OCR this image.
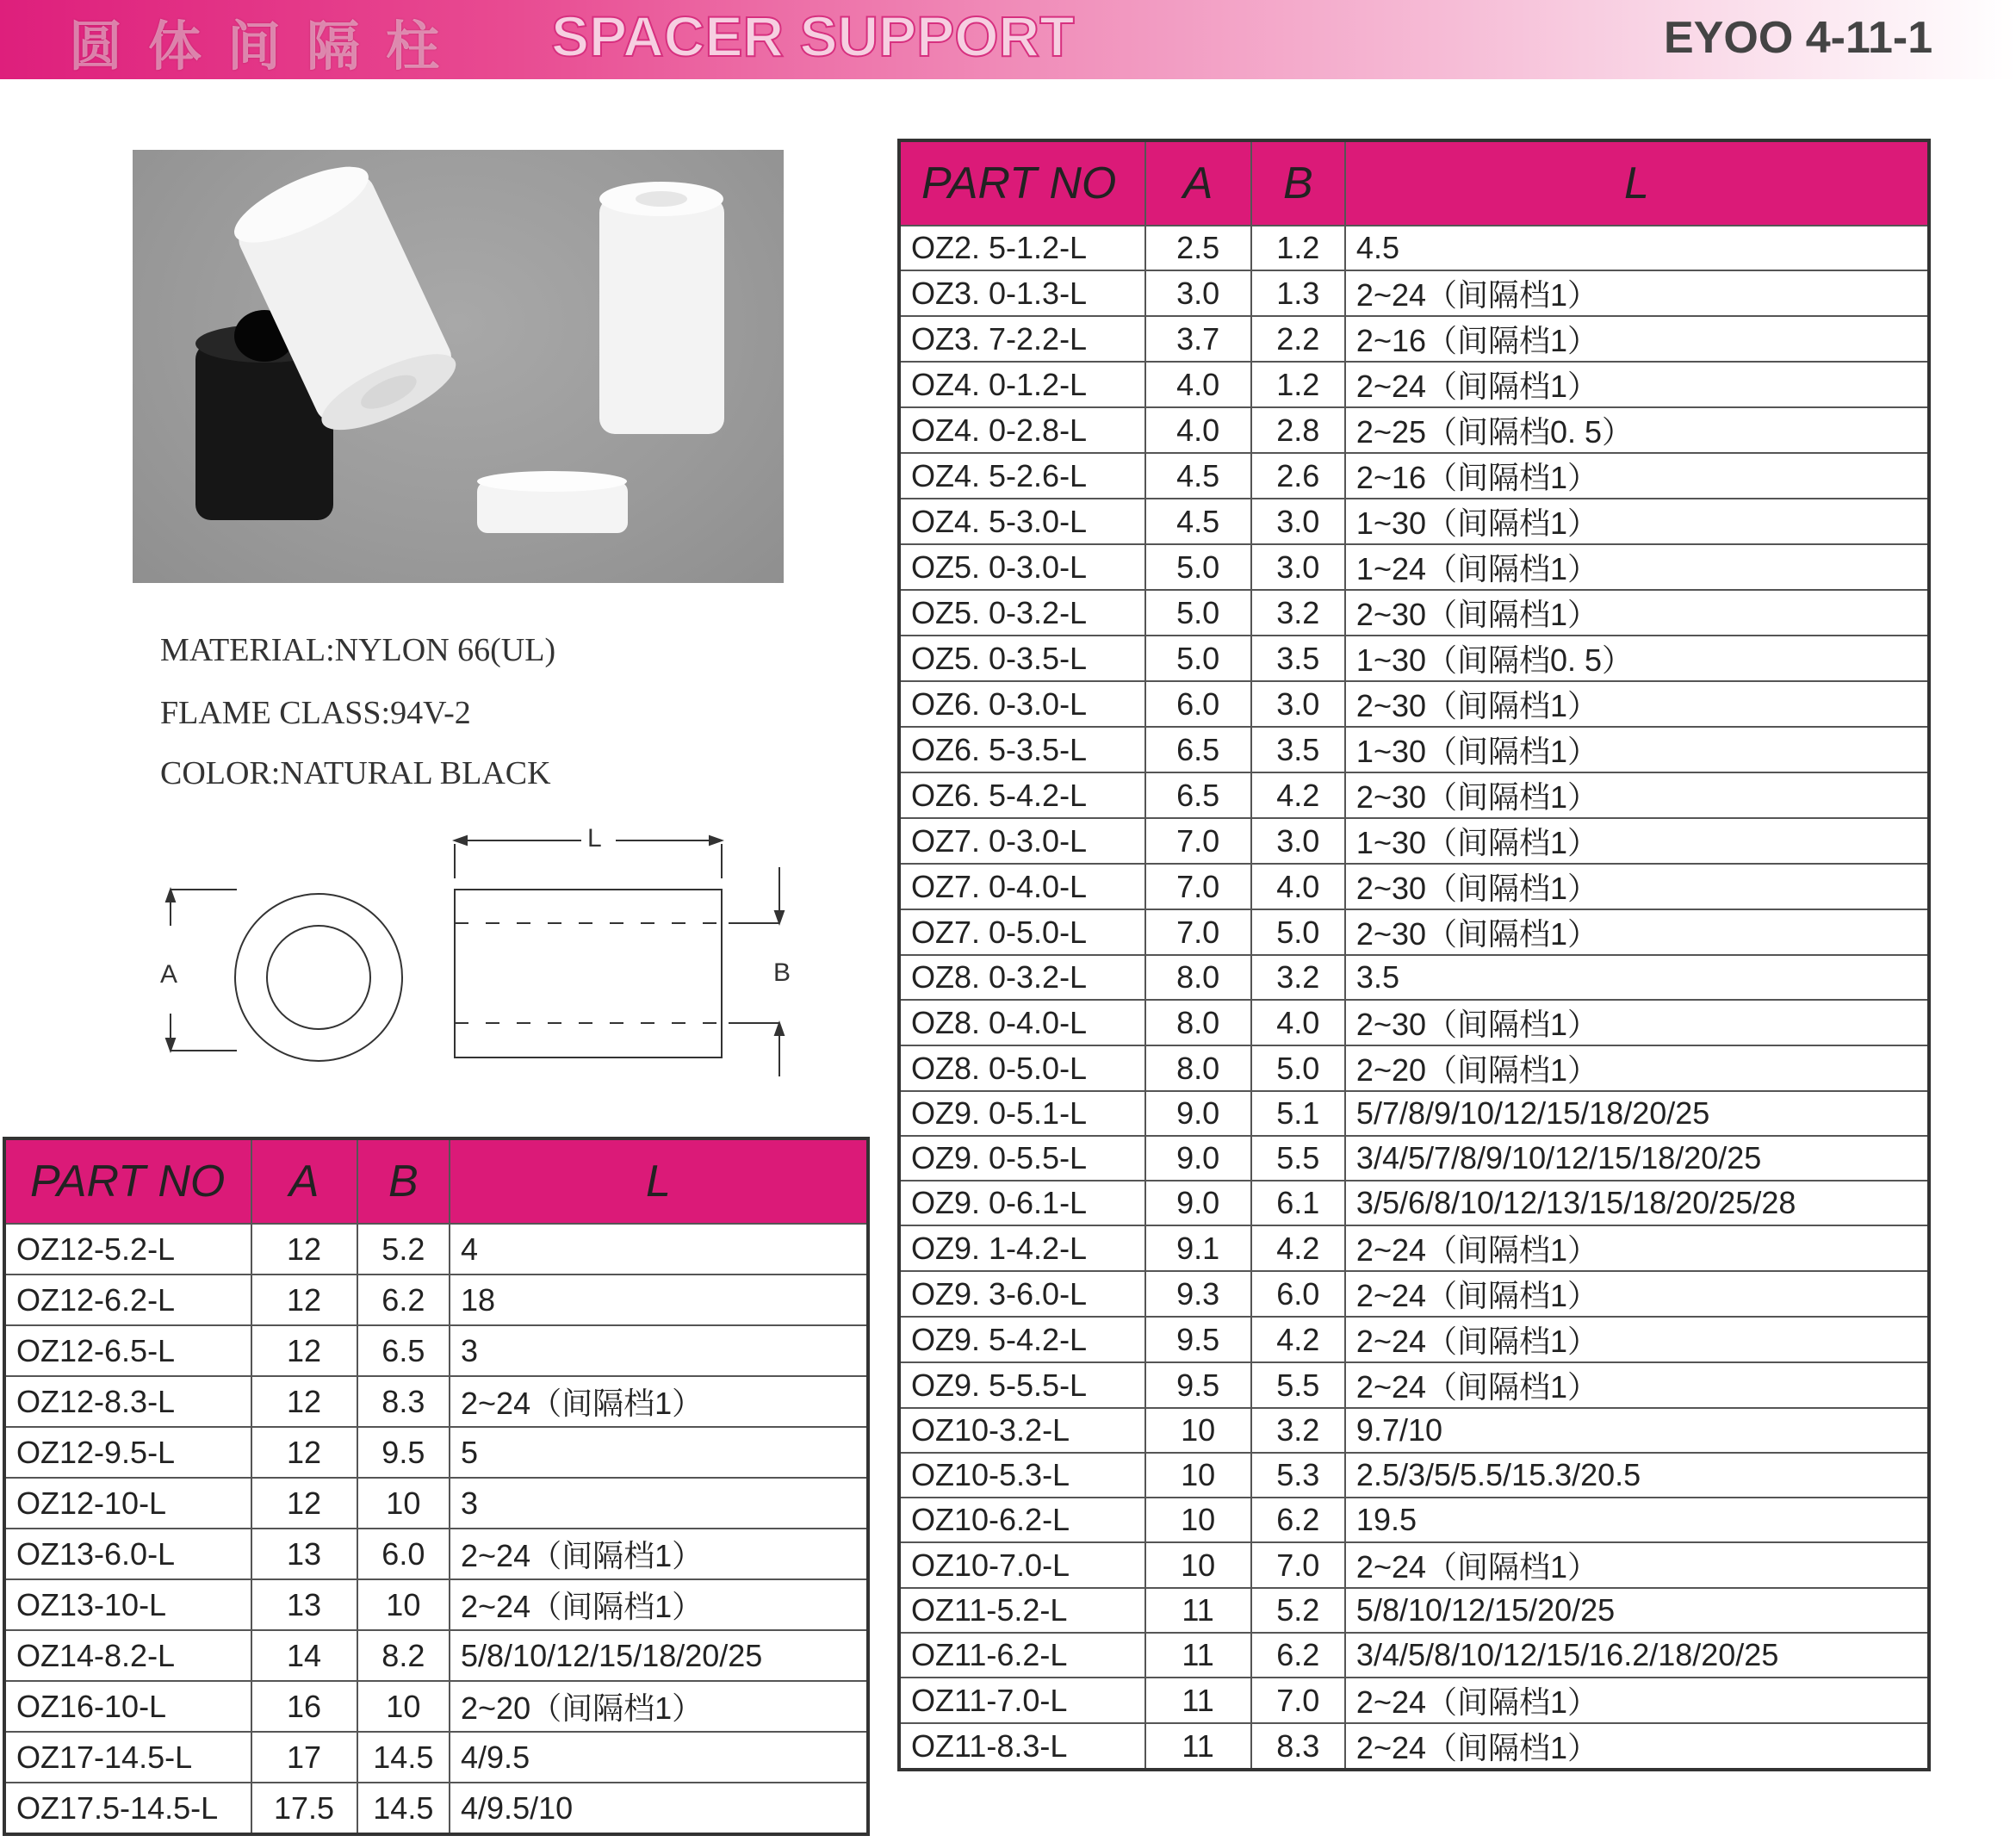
圆体间隔柱 SPACER SUPPORT	EYOO 4-11-1
MATERIAL:NYLON 66(UL)
FLAME CLASS:94V-2
COLOR:NATURAL BLACK
L
A	B
PART NO	A	B	L
OZ2. 5-1.2-L	2.5	1.2	4.5
OZ3. 0-1.3-L	3.0	1.3	2~24（间隔档1）
OZ3. 7-2.2-L	3.7	2.2	2~16（间隔档1）
OZ4. 0-1.2-L	4.0	1.2	2~24（间隔档1）
OZ4. 0-2.8-L	4.0	2.8	2~25（间隔档0. 5）
OZ4. 5-2.6-L	4.5	2.6	2~16（间隔档1）
OZ4. 5-3.0-L	4.5	3.0	1~30（间隔档1）
OZ5. 0-3.0-L	5.0	3.0	1~24（间隔档1）
OZ5. 0-3.2-L	5.0	3.2	2~30（间隔档1）
OZ5. 0-3.5-L	5.0	3.5	1~30（间隔档0. 5）
OZ6. 0-3.0-L	6.0	3.0	2~30（间隔档1）
OZ6. 5-3.5-L	6.5	3.5	1~30（间隔档1）
OZ6. 5-4.2-L	6.5	4.2	2~30（间隔档1）
OZ7. 0-3.0-L	7.0	3.0	1~30（间隔档1）
OZ7. 0-4.0-L	7.0	4.0	2~30（间隔档1）
OZ7. 0-5.0-L	7.0	5.0	2~30（间隔档1）
OZ8. 0-3.2-L	8.0	3.2	3.5
OZ8. 0-4.0-L	8.0	4.0	2~30（间隔档1）
OZ8. 0-5.0-L	8.0	5.0	2~20（间隔档1）
OZ9. 0-5.1-L	9.0	5.1	5/7/8/9/10/12/15/18/20/25
OZ9. 0-5.5-L	9.0	5.5	3/4/5/7/8/9/10/12/15/18/20/25
OZ9. 0-6.1-L	9.0	6.1	3/5/6/8/10/12/13/15/18/20/25/28
OZ9. 1-4.2-L	9.1	4.2	2~24（间隔档1）
OZ9. 3-6.0-L	9.3	6.0	2~24（间隔档1）
OZ9. 5-4.2-L	9.5	4.2	2~24（间隔档1）
OZ9. 5-5.5-L	9.5	5.5	2~24（间隔档1）
OZ10-3.2-L	10	3.2	9.7/10
OZ10-5.3-L	10	5.3	2.5/3/5/5.5/15.3/20.5
OZ10-6.2-L	10	6.2	19.5
OZ10-7.0-L	10	7.0	2~24（间隔档1）
OZ11-5.2-L	11	5.2	5/8/10/12/15/20/25
OZ11-6.2-L	11	6.2	3/4/5/8/10/12/15/16.2/18/20/25
OZ11-7.0-L	11	7.0	2~24（间隔档1）
OZ11-8.3-L	11	8.3	2~24（间隔档1）
PART NO	A	B	L
OZ12-5.2-L	12	5.2	4
OZ12-6.2-L	12	6.2	18
OZ12-6.5-L	12	6.5	3
OZ12-8.3-L	12	8.3	2~24（间隔档1）
OZ12-9.5-L	12	9.5	5
OZ12-10-L	12	10	3
OZ13-6.0-L	13	6.0	2~24（间隔档1）
OZ13-10-L	13	10	2~24（间隔档1）
OZ14-8.2-L	14	8.2	5/8/10/12/15/18/20/25
OZ16-10-L	16	10	2~20（间隔档1）
OZ17-14.5-L	17	14.5	4/9.5
OZ17.5-14.5-L	17.5	14.5	4/9.5/10
